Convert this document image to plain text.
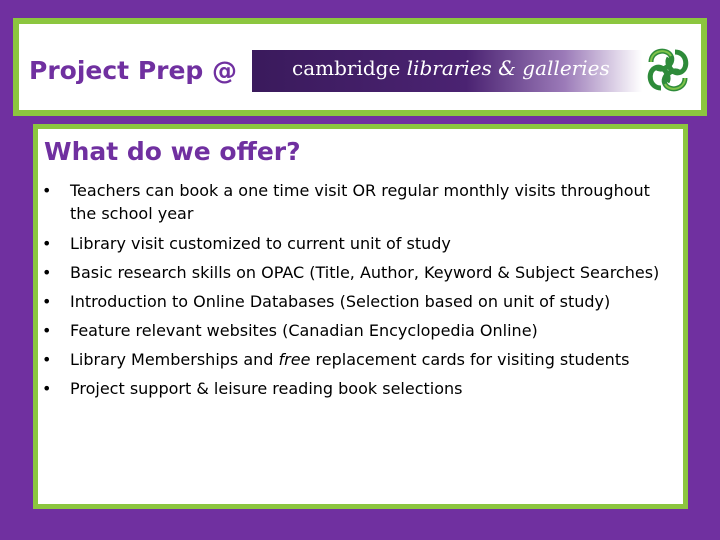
Project Prep @	cambridge libraries & galleries
What do we offer?
• Teachers can book a one time visit OR regular monthly visits throughout the school year
• Library visit customized to current unit of study
• Basic research skills on OPAC (Title, Author, Keyword & Subject Searches)
• Introduction to Online Databases (Selection based on unit of study)
• Feature relevant websites (Canadian Encyclopedia Online)
• Library Memberships and free replacement cards for visiting students
• Project support & leisure reading book selections
